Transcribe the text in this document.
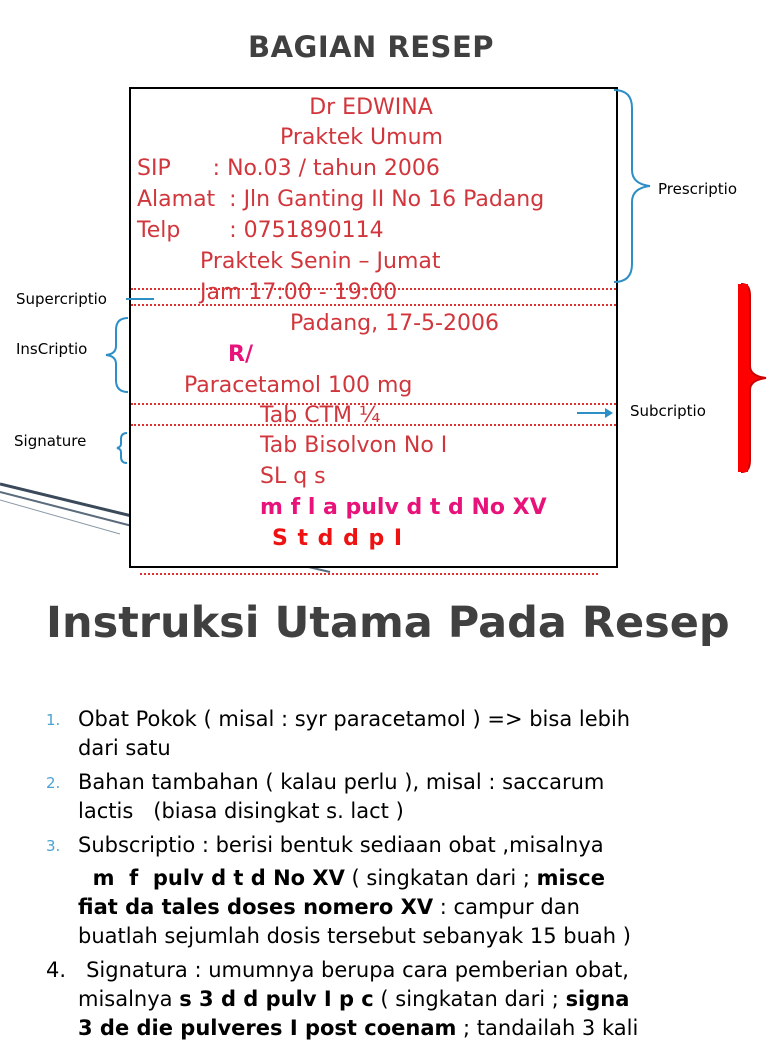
BAGIAN RESEP
Dr EDWINA
Praktek Umum
SIP      : No.03 / tahun 2006
Alamat  : Jln Ganting II No 16 Padang
Telp       : 0751890114
Praktek Senin – Jumat
Jam 17:00 - 19:00
Padang, 17-5-2006
R/
Paracetamol 100 mg
Tab CTM ¼
Tab Bisolvon No I
SL q s
m f l a pulv d t d No XV
S t d d p I
Prescriptio
Supercriptio
InsCriptio
Signature
Subcriptio
Instruksi Utama Pada Resep
1. Obat Pokok ( misal : syr paracetamol ) => bisa lebih
dari satu
2. Bahan tambahan ( kalau perlu ), misal : saccarum
lactis   (biasa disingkat s. lact )
3. Subscriptio : berisi bentuk sediaan obat ,misalnya
m  f  pulv d t d No XV ( singkatan dari ; misce
fiat da tales doses nomero XV : campur dan
buatlah sejumlah dosis tersebut sebanyak 15 buah )
4.   Signatura : umumnya berupa cara pemberian obat,
misalnya s 3 d d pulv I p c ( singkatan dari ; signa
3 de die pulveres I post coenam ; tandailah 3 kali
